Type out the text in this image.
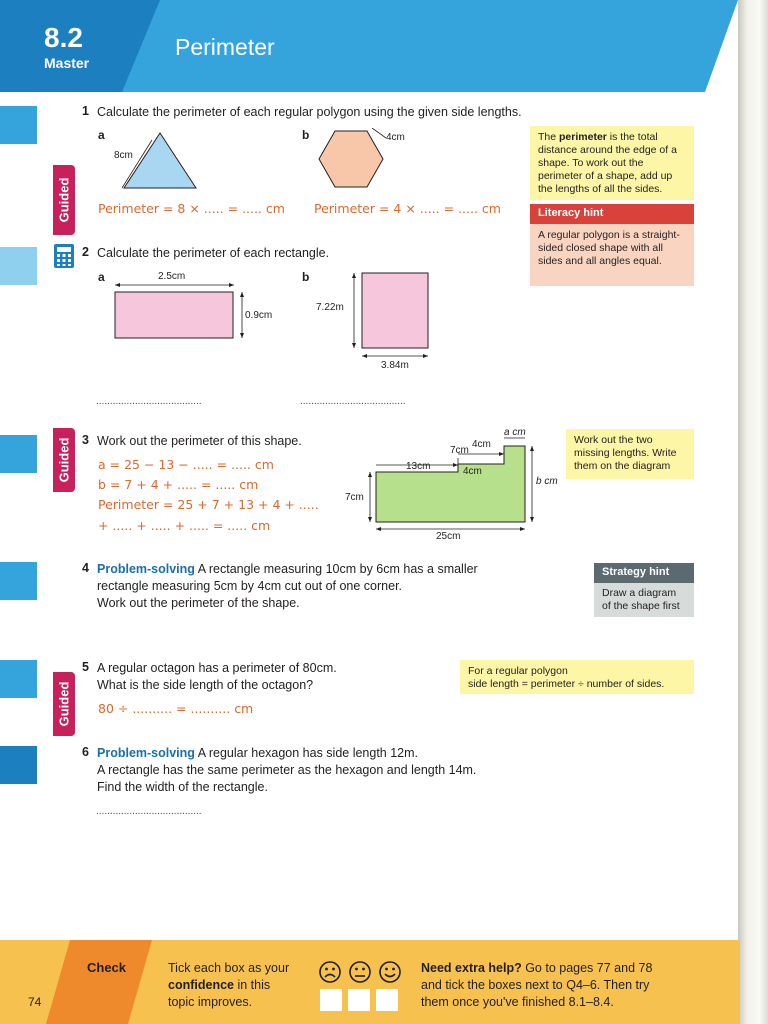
8.2
Master
Perimeter
Guided
Guided
Guided
1 Calculate the perimeter of each regular polygon using the given side lengths.
a
8cm
Perimeter = 8 × ..... = ..... cm
b	4cm
Perimeter = 4 × ..... = ..... cm
The perimeter is the total distance around the edge of a shape. To work out the perimeter of a shape, add up the lengths of all the sides.
Literacy hint
A regular polygon is a straight-sided closed shape with all sides and all angles equal.
2 Calculate the perimeter of each rectangle.
a	2.5cm
0.9cm
b
7.22m
3.84m
......................................	......................................
3 Work out the perimeter of this shape.
a = 25 − 13 − ..... = ..... cm
b = 7 + 4 + ..... = ..... cm
Perimeter = 25 + 7 + 13 + 4 + .....
+ ..... + ..... + ..... = ..... cm
a cm
7cm
4cm
13cm	4cm
b cm
7cm
25cm
Work out the two missing lengths. Write them on the diagram
4 Problem-solving A rectangle measuring 10cm by 6cm has a smaller
rectangle measuring 5cm by 4cm cut out of one corner.
Work out the perimeter of the shape.
Strategy hint
Draw a diagram of the shape first
5 A regular octagon has a perimeter of 80cm.
What is the side length of the octagon?
80 ÷ .......... = .......... cm
For a regular polygon
side length = perimeter ÷ number of sides.
6 Problem-solving A regular hexagon has side length 12m.
A rectangle has the same perimeter as the hexagon and length 14m.
Find the width of the rectangle.
......................................
Check
74
Tick each box as your
confidence in this
topic improves.
Need extra help? Go to pages 77 and 78
and tick the boxes next to Q4–6. Then try
them once you've finished 8.1–8.4.
